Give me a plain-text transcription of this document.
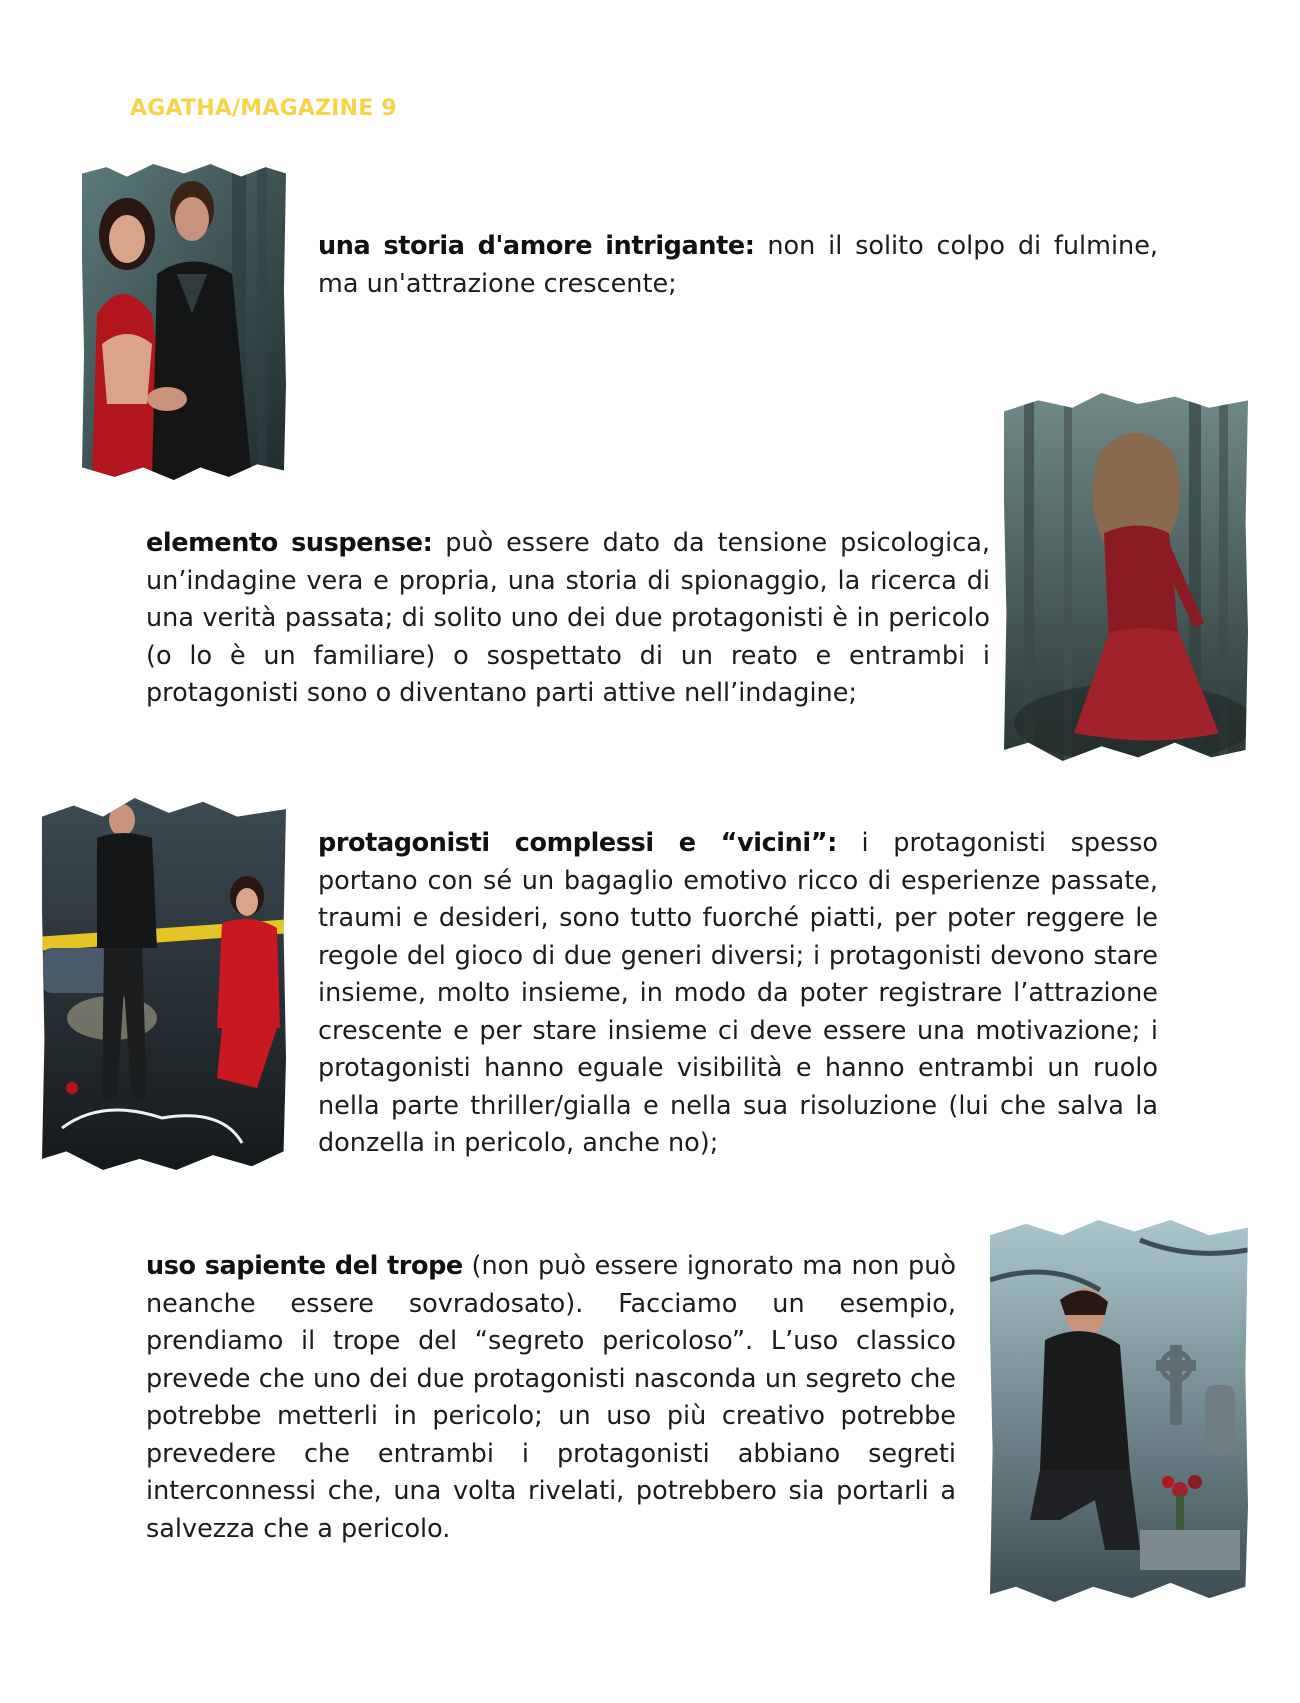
AGATHA/MAGAZINE 9
una storia d'amore intrigante: non il solito colpo di fulmine, ma un'attrazione crescente;
elemento suspense: può essere dato da tensione psicologica, un’indagine vera e propria, una storia di spionaggio, la ricerca di una verità passata; di solito uno dei due protagonisti è in pericolo (o lo è un familiare) o sospettato di un reato e entrambi i protagonisti sono o diventano parti attive nell’indagine;
protagonisti complessi e “vicini”: i protagonisti spesso portano con sé un bagaglio emotivo ricco di esperienze passate, traumi e desideri, sono tutto fuorché piatti, per poter reggere le regole del gioco di due generi diversi; i protagonisti devono stare insieme, molto insieme, in modo da poter registrare l’attrazione crescente e per stare insieme ci deve essere una motivazione; i protagonisti hanno eguale visibilità e hanno entrambi un ruolo nella parte thriller/gialla e nella sua risoluzione (lui che salva la donzella in pericolo, anche no);
uso sapiente del trope (non può essere ignorato ma non può neanche essere sovradosato). Facciamo un esempio, prendiamo il trope del “segreto pericoloso”. L’uso classico prevede che uno dei due protagonisti nasconda un segreto che potrebbe metterli in pericolo; un uso più creativo potrebbe prevedere che entrambi i protagonisti abbiano segreti interconnessi che, una volta rivelati, potrebbero sia portarli a salvezza che a pericolo.
